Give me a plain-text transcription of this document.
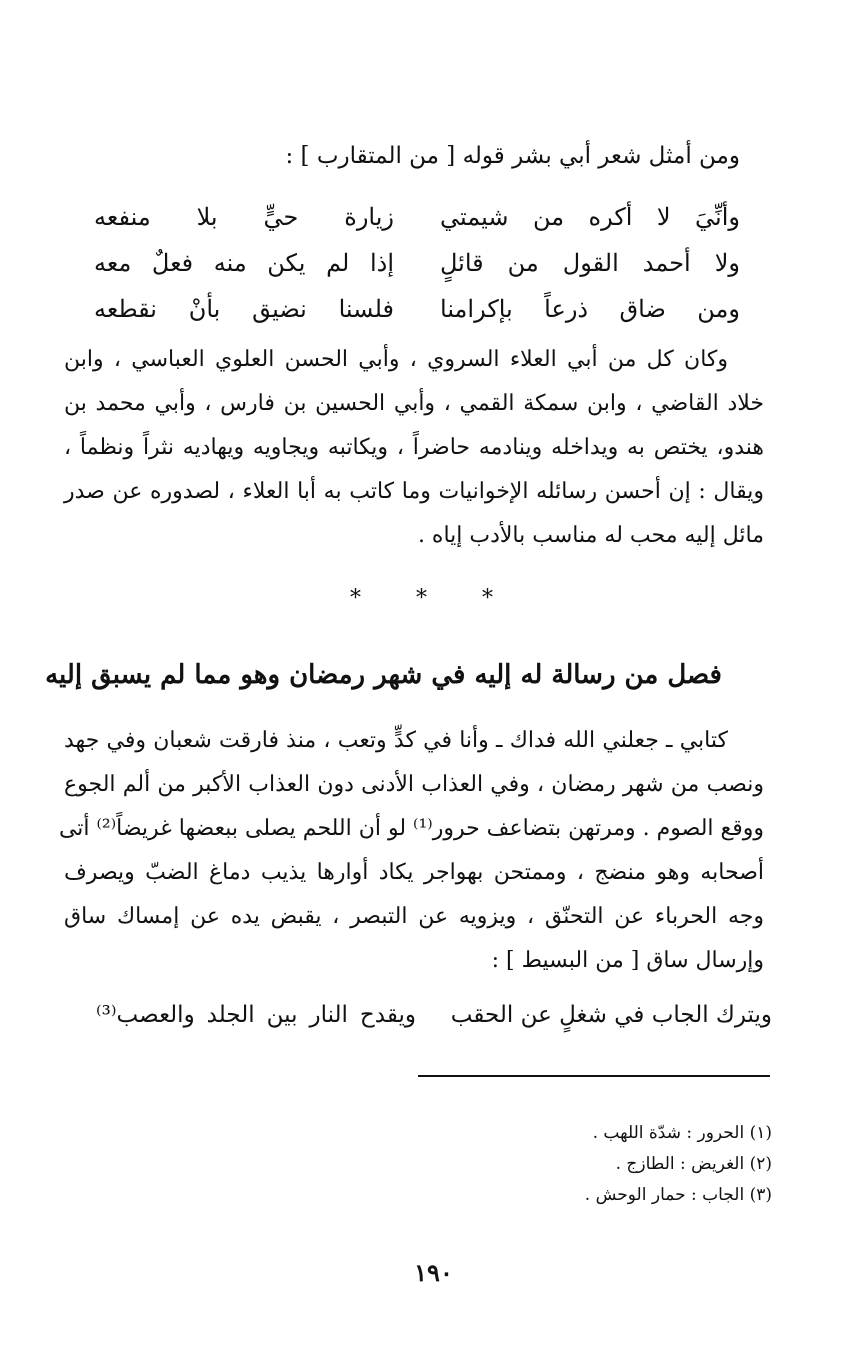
ومن أمثل شعر أبي بشر قوله [ من المتقارب ] :
وأنِّيَ لا أكره من شيمتي
زيارة حيٍّ بلا منفعه
ولا أحمد القول من قائلٍ
إذا لم يكن منه فعلٌ معه
ومن ضاق ذرعاً بإكرامنا
فلسنا نضيق بأنْ نقطعه
وكان كل من أبي العلاء السروي ، وأبي الحسن العلوي العباسي ، وابن
خلاد القاضي ، وابن سمكة القمي ، وأبي الحسين بن فارس ، وأبي محمد بن
هندو، يختص به ويداخله وينادمه حاضراً ، ويكاتبه ويجاويه ويهاديه نثراً ونظماً ،
ويقال : إن أحسن رسائله الإخوانيات وما كاتب به أبا العلاء ، لصدوره عن صدر
مائل إليه محب له مناسب بالأدب إياه .
* * *
فصل من رسالة له إليه في شهر رمضان وهو مما لم يسبق إليه
كتابي ـ جعلني الله فداك ـ وأنا في كدٍّ وتعب ، منذ فارقت شعبان وفي جهد
ونصب من شهر رمضان ، وفي العذاب الأدنى دون العذاب الأكبر من ألم الجوع
ووقع الصوم . ومرتهن بتضاعف حرور⁽¹⁾ لو أن اللحم يصلى ببعضها غريضاً⁽²⁾ أتى
أصحابه وهو منضج ، وممتحن بهواجر يكاد أوارها يذيب دماغ الضبّ ويصرف
وجه الحرباء عن التحنّق ، ويزويه عن التبصر ، يقبض يده عن إمساك ساق
وإرسال ساق [ من البسيط ] :
ويترك الجاب في شغلٍ عن الحقب
ويقدح النار بين الجلد والعصب⁽³⁾
(١) الحرور : شدّة اللهب .
(٢) الغريض : الطازج .
(٣) الجاب : حمار الوحش .
١٩٠
